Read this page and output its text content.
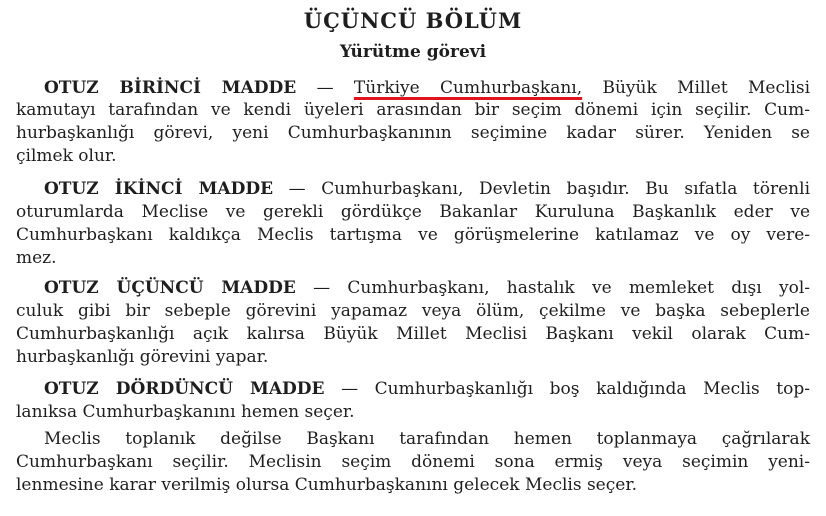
ÜÇÜNCÜ BÖLÜM
Yürütme görevi

OTUZ BİRİNCİ MADDE — Türkiye Cumhurbaşkanı, Büyük Millet Meclisi

kamutayı tarafından ve kendi üyeleri arasından bir seçim dönemi için seçilir. Cum-

hurbaşkanlığı görevi, yeni Cumhurbaşkanının seçimine kadar sürer. Yeniden se

çilmek olur.

OTUZ İKİNCİ MADDE — Cumhurbaşkanı, Devletin başıdır. Bu sıfatla törenli

oturumlarda Meclise ve gerekli gördükçe Bakanlar Kuruluna Başkanlık eder ve

Cumhurbaşkanı kaldıkça Meclis tartışma ve görüşmelerine katılamaz ve oy vere-

mez.

OTUZ ÜÇÜNCÜ MADDE — Cumhurbaşkanı, hastalık ve memleket dışı yol-

culuk gibi bir sebeple görevini yapamaz veya ölüm, çekilme ve başka sebeplerle

Cumhurbaşkanlığı açık kalırsa Büyük Millet Meclisi Başkanı vekil olarak Cum-

hurbaşkanlığı görevini yapar.

OTUZ DÖRDÜNCÜ MADDE — Cumhurbaşkanlığı boş kaldığında Meclis top-

lanıksa Cumhurbaşkanını hemen seçer.

Meclis toplanık değilse Başkanı tarafından hemen toplanmaya çağrılarak

Cumhurbaşkanı seçilir. Meclisin seçim dönemi sona ermiş veya seçimin yeni-

lenmesine karar verilmiş olursa Cumhurbaşkanını gelecek Meclis seçer.
